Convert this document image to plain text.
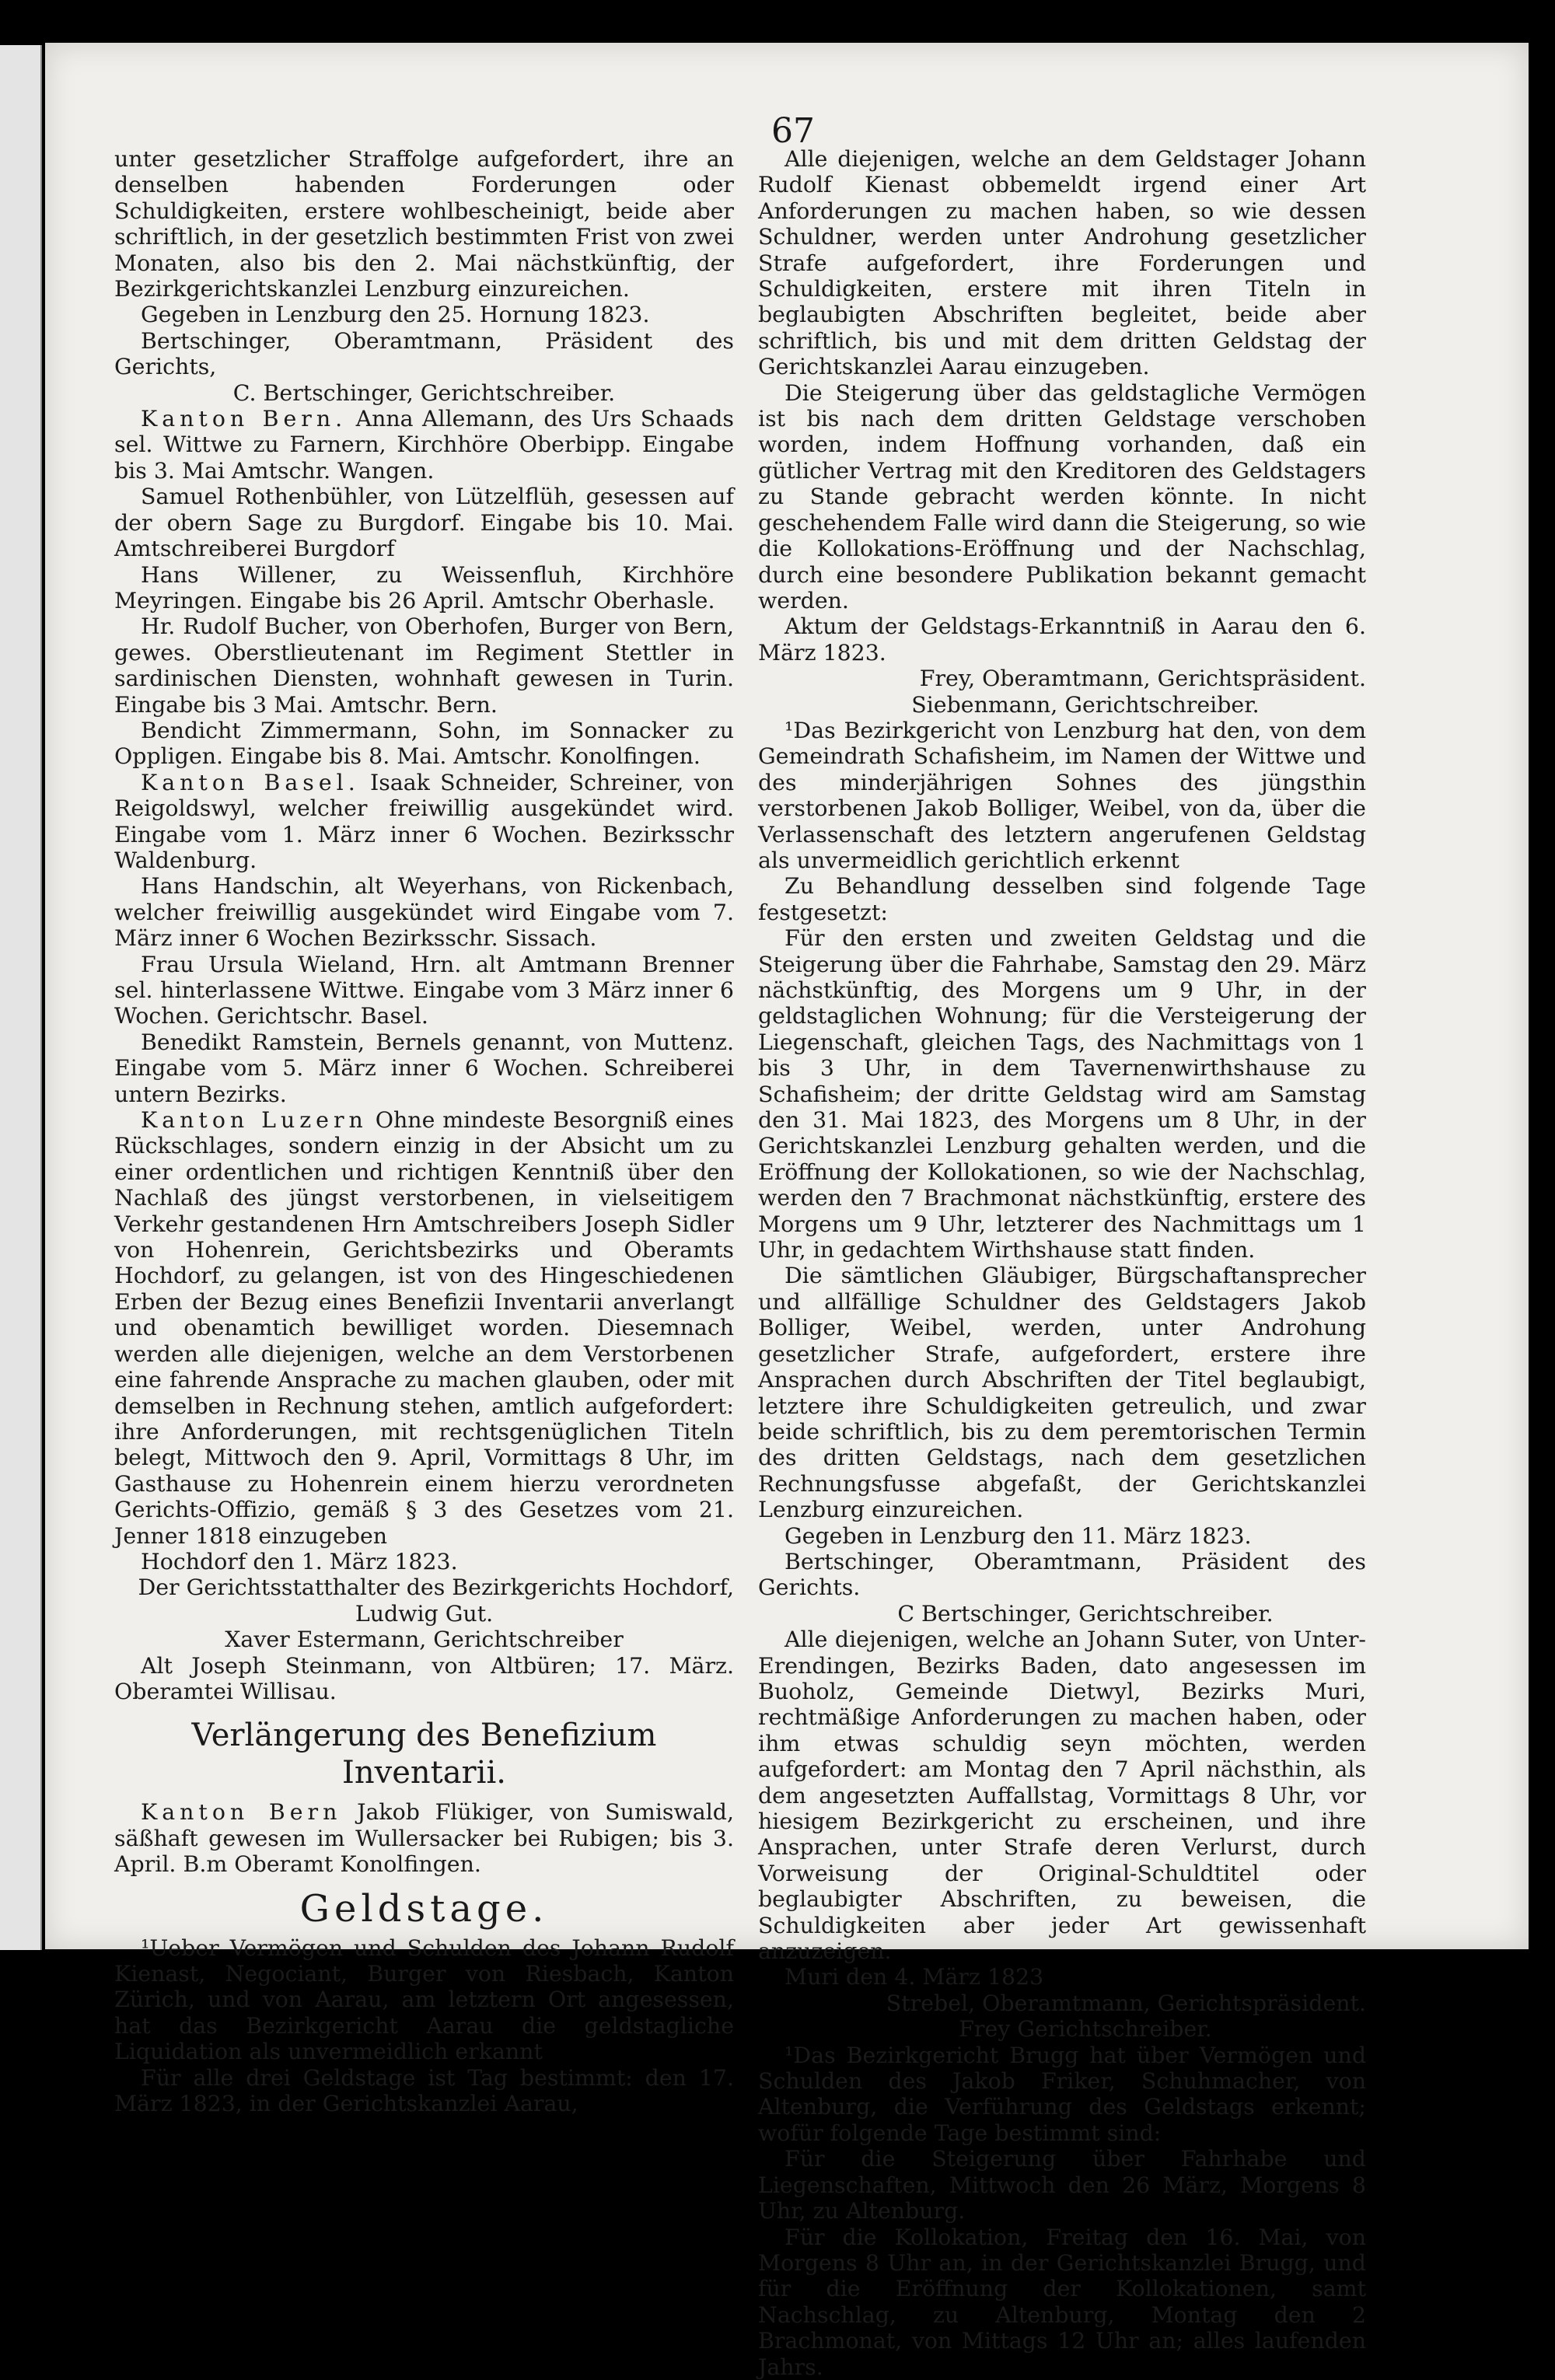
67

unter gesetzlicher Straffolge aufgefordert, ihre an denselben habenden Forderungen oder Schuldigkeiten, erstere wohlbescheinigt, beide aber schriftlich, in der gesetzlich bestimmten Frist von zwei Monaten, also bis den 2. Mai nächstkünftig, der Bezirkgerichtskanzlei Lenzburg einzureichen.

Gegeben in Lenzburg den 25. Hornung 1823.

Bertschinger, Oberamtmann, Präsident des Gerichts,

C. Bertschinger, Gerichtschreiber.

Kanton Bern. Anna Allemann, des Urs Schaads sel. Wittwe zu Farnern, Kirchhöre Oberbipp. Eingabe bis 3. Mai Amtschr. Wangen.

Samuel Rothenbühler, von Lützelflüh, gesessen auf der obern Sage zu Burgdorf. Eingabe bis 10. Mai. Amtschreiberei Burgdorf

Hans Willener, zu Weissenfluh, Kirchhöre Meyringen. Eingabe bis 26 April. Amtschr Oberhasle.

Hr. Rudolf Bucher, von Oberhofen, Burger von Bern, gewes. Oberstlieutenant im Regiment Stettler in sardinischen Diensten, wohnhaft gewesen in Turin. Eingabe bis 3 Mai. Amtschr. Bern.

Bendicht Zimmermann, Sohn, im Sonnacker zu Oppligen. Eingabe bis 8. Mai. Amtschr. Konolfingen.

Kanton Basel. Isaak Schneider, Schreiner, von Reigoldswyl, welcher freiwillig ausgekündet wird. Eingabe vom 1. März inner 6 Wochen. Bezirksschr Waldenburg.

Hans Handschin, alt Weyerhans, von Rickenbach, welcher freiwillig ausgekündet wird Eingabe vom 7. März inner 6 Wochen Bezirksschr. Sissach.

Frau Ursula Wieland, Hrn. alt Amtmann Brenner sel. hinterlassene Wittwe. Eingabe vom 3 März inner 6 Wochen. Gerichtschr. Basel.

Benedikt Ramstein, Bernels genannt, von Muttenz. Eingabe vom 5. März inner 6 Wochen. Schreiberei untern Bezirks.

Kanton Luzern Ohne mindeste Besorgniß eines Rückschlages, sondern einzig in der Absicht um zu einer ordentlichen und richtigen Kenntniß über den Nachlaß des jüngst verstorbenen, in vielseitigem Verkehr gestandenen Hrn Amtschreibers Joseph Sidler von Hohenrein, Gerichtsbezirks und Oberamts Hochdorf, zu gelangen, ist von des Hingeschiedenen Erben der Bezug eines Benefizii Inventarii anverlangt und obenamtich bewilliget worden. Diesemnach werden alle diejenigen, welche an dem Verstorbenen eine fahrende Ansprache zu machen glauben, oder mit demselben in Rechnung stehen, amtlich aufgefordert: ihre Anforderungen, mit rechtsgenüglichen Titeln belegt, Mittwoch den 9. April, Vormittags 8 Uhr, im Gasthause zu Hohenrein einem hierzu verordneten Gerichts-Offizio, gemäß § 3 des Gesetzes vom 21. Jenner 1818 einzugeben

Hochdorf den 1. März 1823.

Der Gerichtsstatthalter des Bezirkgerichts Hochdorf,

Ludwig Gut.

Xaver Estermann, Gerichtschreiber

Alt Joseph Steinmann, von Altbüren; 17. März. Oberamtei Willisau.

Verlängerung des Benefizium Inventarii.

Kanton Bern Jakob Flükiger, von Sumiswald, säßhaft gewesen im Wullersacker bei Rubigen; bis 3. April. B.m Oberamt Konolfingen.

Geldstage.

¹Ueber Vermögen und Schulden des Johann Rudolf Kienast, Negociant, Burger von Riesbach, Kanton Zürich, und von Aarau, am letztern Ort angesessen, hat das Bezirkgericht Aarau die geldstagliche Liquidation als unvermeidlich erkannt

Für alle drei Geldstage ist Tag bestimmt: den 17. März 1823, in der Gerichtskanzlei Aarau,

Alle diejenigen, welche an dem Geldstager Johann Rudolf Kienast obbemeldt irgend einer Art Anforderungen zu machen haben, so wie dessen Schuldner, werden unter Androhung gesetzlicher Strafe aufgefordert, ihre Forderungen und Schuldigkeiten, erstere mit ihren Titeln in beglaubigten Abschriften begleitet, beide aber schriftlich, bis und mit dem dritten Geldstag der Gerichtskanzlei Aarau einzugeben.

Die Steigerung über das geldstagliche Vermögen ist bis nach dem dritten Geldstage verschoben worden, indem Hoffnung vorhanden, daß ein gütlicher Vertrag mit den Kreditoren des Geldstagers zu Stande gebracht werden könnte. In nicht geschehendem Falle wird dann die Steigerung, so wie die Kollokations-Eröffnung und der Nachschlag, durch eine besondere Publikation bekannt gemacht werden.

Aktum der Geldstags-Erkanntniß in Aarau den 6. März 1823.

Frey, Oberamtmann, Gerichtspräsident.

Siebenmann, Gerichtschreiber.

¹Das Bezirkgericht von Lenzburg hat den, von dem Gemeindrath Schafisheim, im Namen der Wittwe und des minderjährigen Sohnes des jüngsthin verstorbenen Jakob Bolliger, Weibel, von da, über die Verlassenschaft des letztern angerufenen Geldstag als unvermeidlich gerichtlich erkennt

Zu Behandlung desselben sind folgende Tage festgesetzt:

Für den ersten und zweiten Geldstag und die Steigerung über die Fahrhabe, Samstag den 29. März nächstkünftig, des Morgens um 9 Uhr, in der geldstaglichen Wohnung; für die Versteigerung der Liegenschaft, gleichen Tags, des Nachmittags von 1 bis 3 Uhr, in dem Tavernenwirthshause zu Schafisheim; der dritte Geldstag wird am Samstag den 31. Mai 1823, des Morgens um 8 Uhr, in der Gerichtskanzlei Lenzburg gehalten werden, und die Eröffnung der Kollokationen, so wie der Nachschlag, werden den 7 Brachmonat nächstkünftig, erstere des Morgens um 9 Uhr, letzterer des Nachmittags um 1 Uhr, in gedachtem Wirthshause statt finden.

Die sämtlichen Gläubiger, Bürgschaftansprecher und allfällige Schuldner des Geldstagers Jakob Bolliger, Weibel, werden, unter Androhung gesetzlicher Strafe, aufgefordert, erstere ihre Ansprachen durch Abschriften der Titel beglaubigt, letztere ihre Schuldigkeiten getreulich, und zwar beide schriftlich, bis zu dem peremtorischen Termin des dritten Geldstags, nach dem gesetzlichen Rechnungsfusse abgefaßt, der Gerichtskanzlei Lenzburg einzureichen.

Gegeben in Lenzburg den 11. März 1823.

Bertschinger, Oberamtmann, Präsident des Gerichts.

C Bertschinger, Gerichtschreiber.

Alle diejenigen, welche an Johann Suter, von Unter-Erendingen, Bezirks Baden, dato angesessen im Buoholz, Gemeinde Dietwyl, Bezirks Muri, rechtmäßige Anforderungen zu machen haben, oder ihm etwas schuldig seyn möchten, werden aufgefordert: am Montag den 7 April nächsthin, als dem angesetzten Auffallstag, Vormittags 8 Uhr, vor hiesigem Bezirkgericht zu erscheinen, und ihre Ansprachen, unter Strafe deren Verlurst, durch Vorweisung der Original-Schuldtitel oder beglaubigter Abschriften, zu beweisen, die Schuldigkeiten aber jeder Art gewissenhaft anzuzeigen.

Muri den 4. März 1823

Strebel, Oberamtmann, Gerichtspräsident.

Frey Gerichtschreiber.

¹Das Bezirkgericht Brugg hat über Vermögen und Schulden des Jakob Friker, Schuhmacher, von Altenburg, die Verführung des Geldstags erkennt; wofür folgende Tage bestimmt sind:

Für die Steigerung über Fahrhabe und Liegenschaften, Mittwoch den 26 März, Morgens 8 Uhr, zu Altenburg.

Für die Kollokation, Freitag den 16. Mai, von Morgens 8 Uhr an, in der Gerichtskanzlei Brugg, und für die Eröffnung der Kollokationen, samt Nachschlag, zu Altenburg, Montag den 2 Brachmonat, von Mittags 12 Uhr an; alles laufenden Jahrs.
